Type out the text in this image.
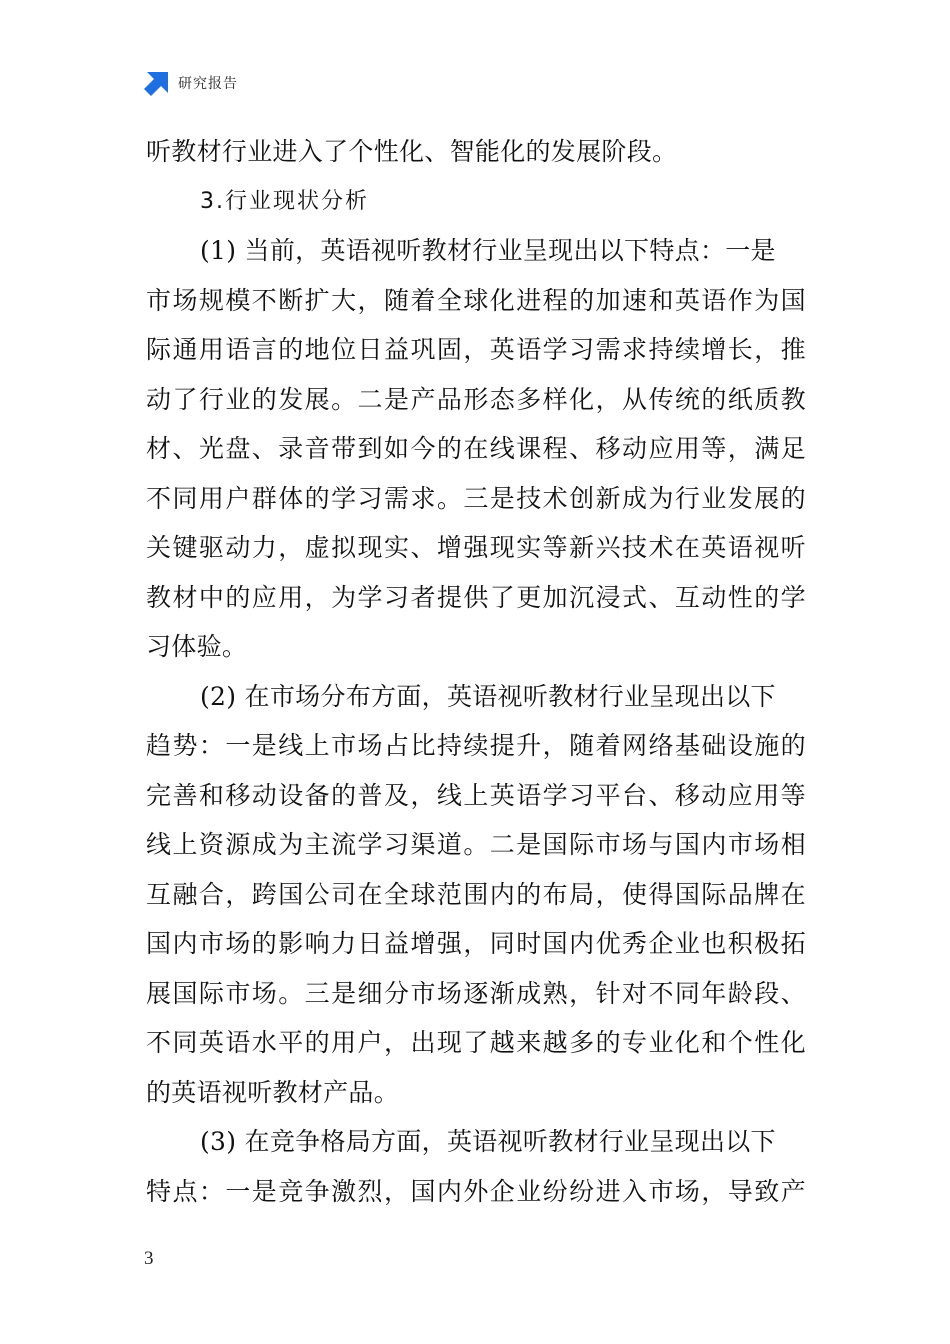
研究报告
听教材行业进入了个性化、智能化的发展阶段。
3.行业现状分析
(1) 当前，英语视听教材行业呈现出以下特点：一是
市场规模不断扩大，随着全球化进程的加速和英语作为国
际通用语言的地位日益巩固，英语学习需求持续增长，推
动了行业的发展。二是产品形态多样化，从传统的纸质教
材、光盘、录音带到如今的在线课程、移动应用等，满足
不同用户群体的学习需求。三是技术创新成为行业发展的
关键驱动力，虚拟现实、增强现实等新兴技术在英语视听
教材中的应用，为学习者提供了更加沉浸式、互动性的学
习体验。
(2) 在市场分布方面，英语视听教材行业呈现出以下
趋势：一是线上市场占比持续提升，随着网络基础设施的
完善和移动设备的普及，线上英语学习平台、移动应用等
线上资源成为主流学习渠道。二是国际市场与国内市场相
互融合，跨国公司在全球范围内的布局，使得国际品牌在
国内市场的影响力日益增强，同时国内优秀企业也积极拓
展国际市场。三是细分市场逐渐成熟，针对不同年龄段、
不同英语水平的用户，出现了越来越多的专业化和个性化
的英语视听教材产品。
(3) 在竞争格局方面，英语视听教材行业呈现出以下
特点：一是竞争激烈，国内外企业纷纷进入市场，导致产
3
